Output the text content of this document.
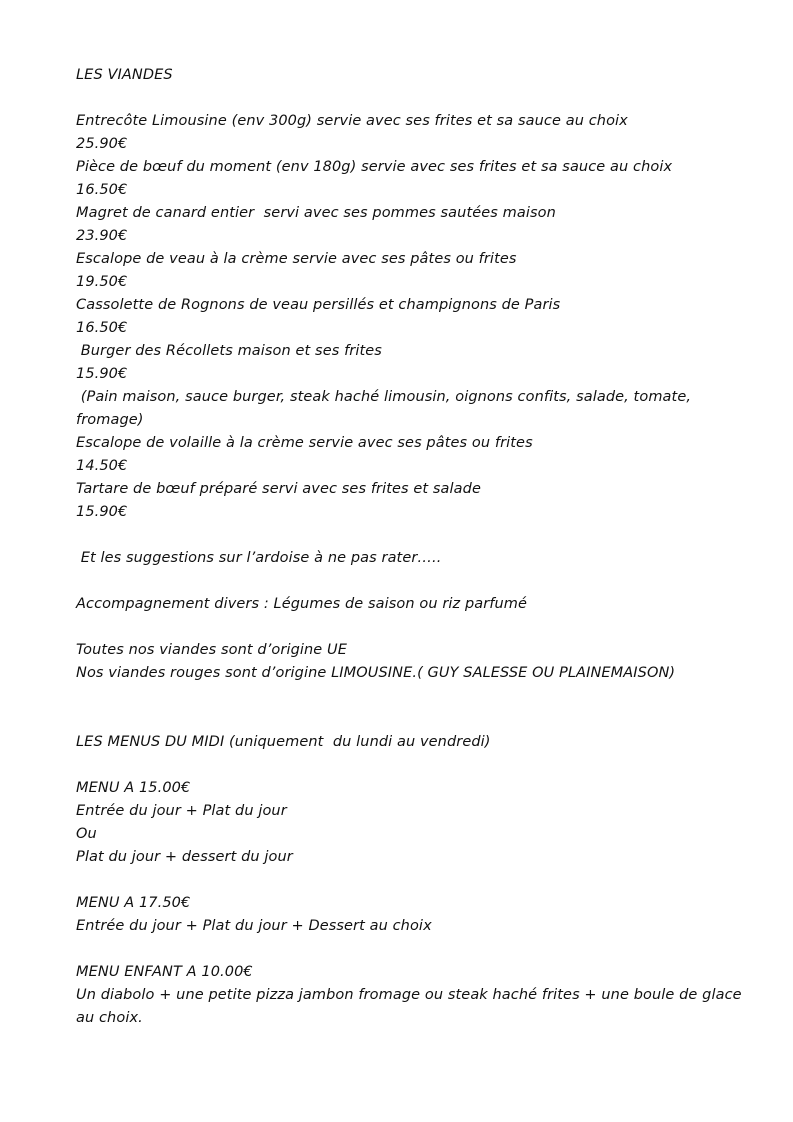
LES VIANDES
Entrecôte Limousine (env 300g) servie avec ses frites et sa sauce au choix
25.90€
Pièce de bœuf du moment (env 180g) servie avec ses frites et sa sauce au choix
16.50€
Magret de canard entier  servi avec ses pommes sautées maison
23.90€
Escalope de veau à la crème servie avec ses pâtes ou frites
19.50€
Cassolette de Rognons de veau persillés et champignons de Paris
16.50€
Burger des Récollets maison et ses frites
15.90€
(Pain maison, sauce burger, steak haché limousin, oignons confits, salade, tomate, fromage)
Escalope de volaille à la crème servie avec ses pâtes ou frites
14.50€
Tartare de bœuf préparé servi avec ses frites et salade
15.90€
Et les suggestions sur l’ardoise à ne pas rater…..
Accompagnement divers : Légumes de saison ou riz parfumé
Toutes nos viandes sont d’origine UE
Nos viandes rouges sont d’origine LIMOUSINE.( GUY SALESSE OU PLAINEMAISON)
LES MENUS DU MIDI (uniquement  du lundi au vendredi)
MENU A 15.00€
Entrée du jour + Plat du jour
Ou
Plat du jour + dessert du jour
MENU A 17.50€
Entrée du jour + Plat du jour + Dessert au choix
MENU ENFANT A 10.00€
Un diabolo + une petite pizza jambon fromage ou steak haché frites + une boule de glace au choix.
